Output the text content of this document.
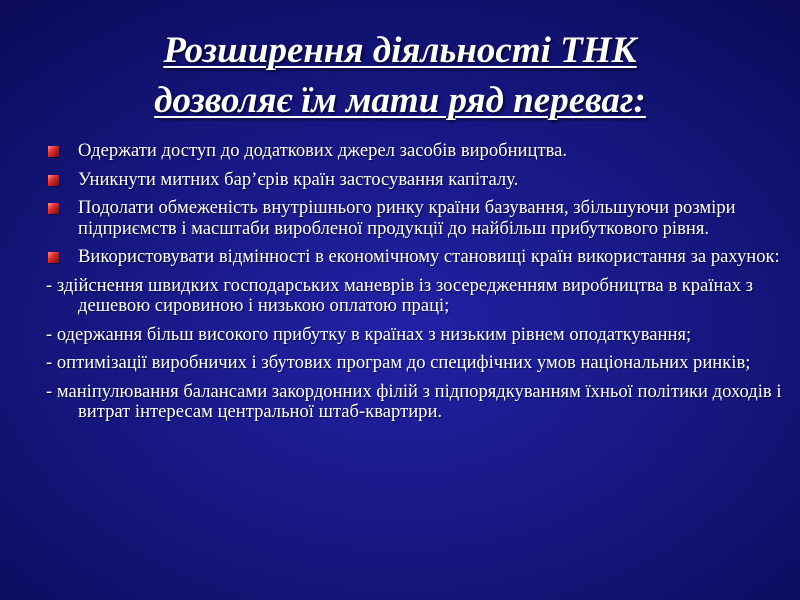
Розширення діяльності ТНК
дозволяє їм мати ряд переваг:
Одержати доступ до додаткових джерел засобів виробництва.
Уникнути митних бар’єрів країн застосування капіталу.
Подолати обмеженість внутрішнього ринку країни базування, збільшуючи розміри підприємств і масштаби виробленої продукції до найбільш прибуткового рівня.
Використовувати відмінності в економічному становищі країн використання за рахунок:
- здійснення швидких господарських маневрів із зосередженням виробництва в країнах з дешевою сировиною і низькою оплатою праці;
- одержання більш високого прибутку в країнах з низьким рівнем оподаткування;
- оптимізації виробничих і збутових програм до специфічних умов національних ринків;
- маніпулювання балансами закордонних філій з підпорядкуванням їхньої політики доходів і витрат інтересам центральної штаб-квартири.
